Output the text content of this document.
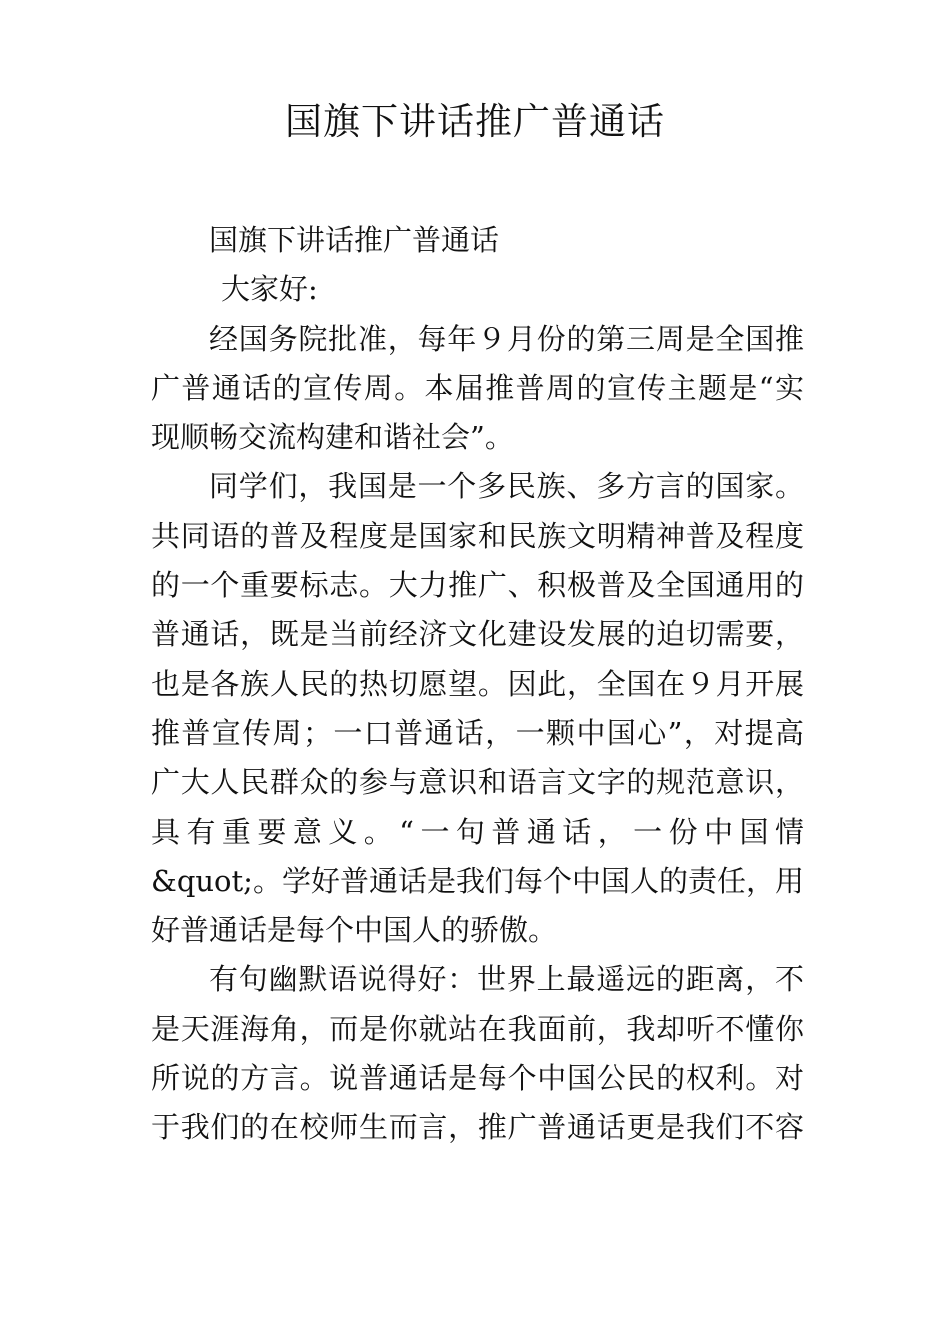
国旗下讲话推广普通话
国旗下讲话推广普通话
大家好:
经国务院批准，每年９月份的第三周是全国推
广普通话的宣传周。本届推普周的宣传主题是“实
现顺畅交流构建和谐社会”。
同学们，我国是一个多民族、多方言的国家。
共同语的普及程度是国家和民族文明精神普及程度
的一个重要标志。大力推广、积极普及全国通用的
普通话，既是当前经济文化建设发展的迫切需要，
也是各族人民的热切愿望。因此，全国在９月开展
推普宣传周；一口普通话，一颗中国心”，对提高
广大人民群众的参与意识和语言文字的规范意识，
具有重要意义。“一句普通话，一份中国情
&quot;。学好普通话是我们每个中国人的责任，用
好普通话是每个中国人的骄傲。
有句幽默语说得好：世界上最遥远的距离，不
是天涯海角，而是你就站在我面前，我却听不懂你
所说的方言。说普通话是每个中国公民的权利。对
于我们的在校师生而言，推广普通话更是我们不容
